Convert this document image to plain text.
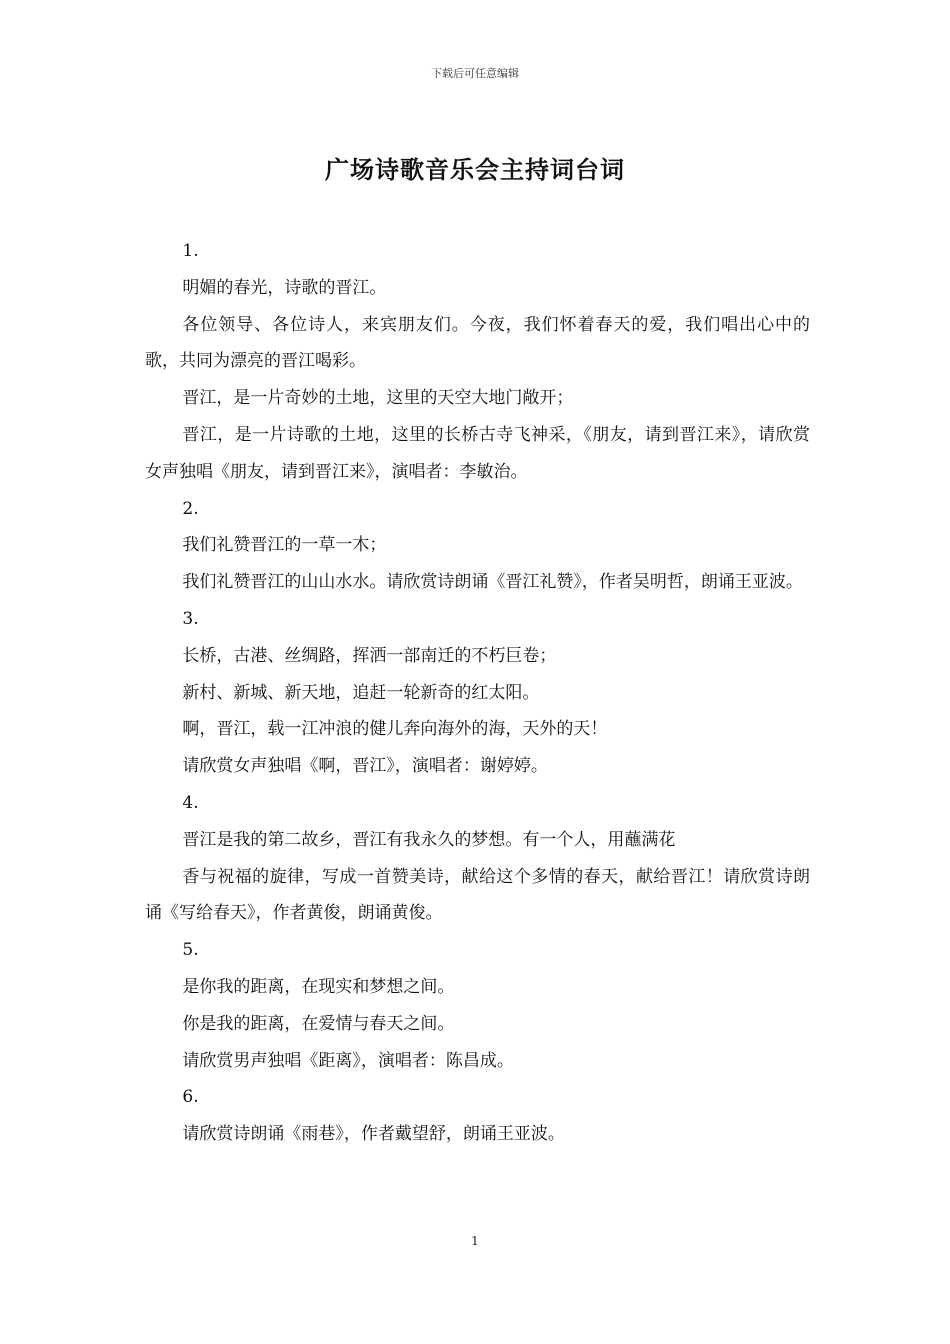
下载后可任意编辑
广场诗歌音乐会主持词台词

1.

明媚的春光，诗歌的晋江。

各位领导、各位诗人，来宾朋友们。今夜，我们怀着春天的爱，我们唱出心中的歌，共同为漂亮的晋江喝彩。

晋江，是一片奇妙的土地，这里的天空大地门敞开；

晋江，是一片诗歌的土地，这里的长桥古寺飞神采，《朋友，请到晋江来》，请欣赏女声独唱《朋友，请到晋江来》，演唱者：李敏治。

2.

我们礼赞晋江的一草一木；

我们礼赞晋江的山山水水。请欣赏诗朗诵《晋江礼赞》，作者吴明哲，朗诵王亚波。

3.

长桥，古港、丝绸路，挥洒一部南迁的不朽巨卷；

新村、新城、新天地，追赶一轮新奇的红太阳。

啊，晋江，载一江冲浪的健儿奔向海外的海，天外的天！

请欣赏女声独唱《啊，晋江》，演唱者：谢婷婷。

4.

晋江是我的第二故乡，晋江有我永久的梦想。有一个人，用蘸满花

香与祝福的旋律，写成一首赞美诗，献给这个多情的春天，献给晋江！请欣赏诗朗诵《写给春天》，作者黄俊，朗诵黄俊。

5.

是你我的距离，在现实和梦想之间。

你是我的距离，在爱情与春天之间。

请欣赏男声独唱《距离》，演唱者：陈昌成。

6.

请欣赏诗朗诵《雨巷》，作者戴望舒，朗诵王亚波。

1
